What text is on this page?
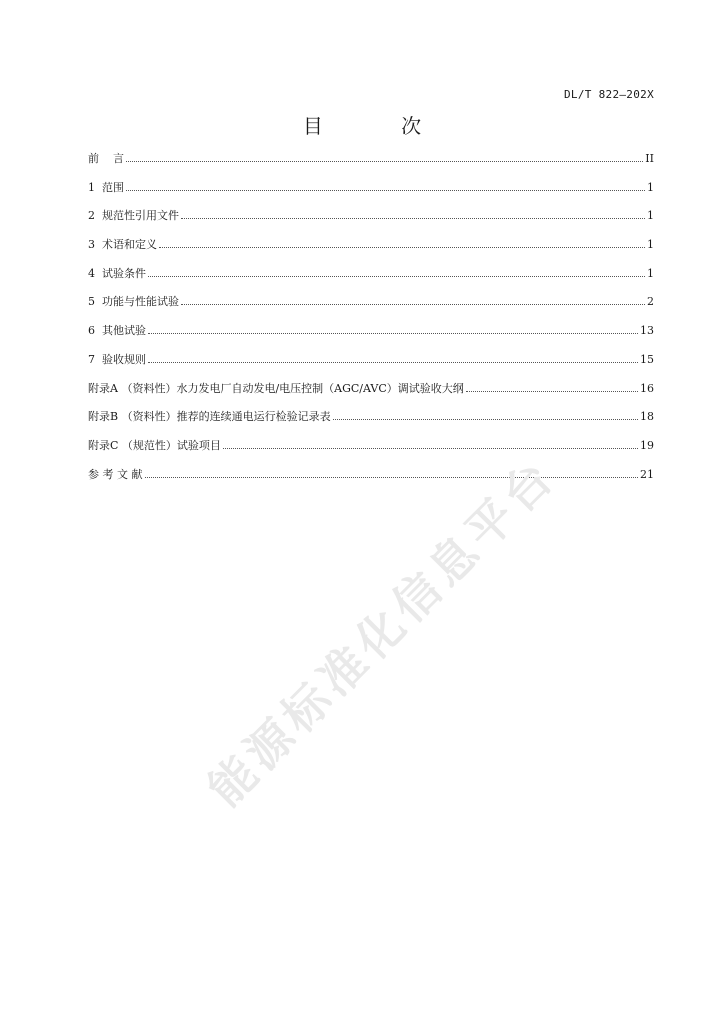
DL/T 822—202X
目 次
前    言	II
1  范围	1
2  规范性引用文件	1
3  术语和定义	1
4  试验条件	1
5  功能与性能试验	2
6  其他试验	13
7  验收规则	15
附录A （资料性）水力发电厂自动发电/电压控制（AGC/AVC）调试验收大纲	16
附录B （资料性）推荐的连续通电运行检验记录表	18
附录C （规范性）试验项目	19
参 考 文 献	21
能源标准化信息平台
